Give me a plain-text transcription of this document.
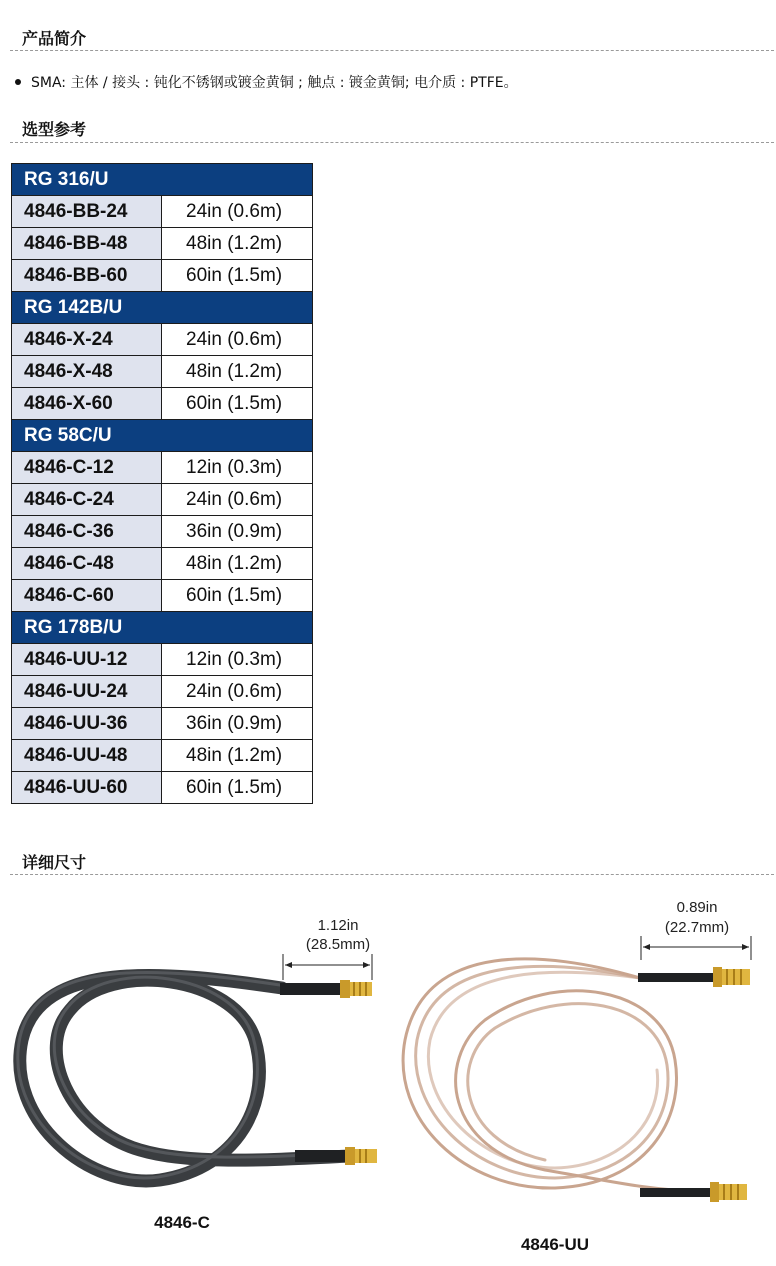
产品简介
SMA: 主体 / 接头 : 钝化不锈钢或镀金黄铜 ; 触点 : 镀金黄铜; 电介质 : PTFE。
选型参考
RG 316/U	
4846-BB-24	24in (0.6m)
4846-BB-48	48in (1.2m)
4846-BB-60	60in (1.5m)
RG 142B/U	
4846-X-24	24in (0.6m)
4846-X-48	48in (1.2m)
4846-X-60	60in (1.5m)
RG 58C/U	
4846-C-12	12in (0.3m)
4846-C-24	24in (0.6m)
4846-C-36	36in (0.9m)
4846-C-48	48in (1.2m)
4846-C-60	60in (1.5m)
RG 178B/U	
4846-UU-12	12in (0.3m)
4846-UU-24	24in (0.6m)
4846-UU-36	36in (0.9m)
4846-UU-48	48in (1.2m)
4846-UU-60	60in (1.5m)
详细尺寸
1.12in
(28.5mm)
4846-C
0.89in
(22.7mm)
4846-UU
